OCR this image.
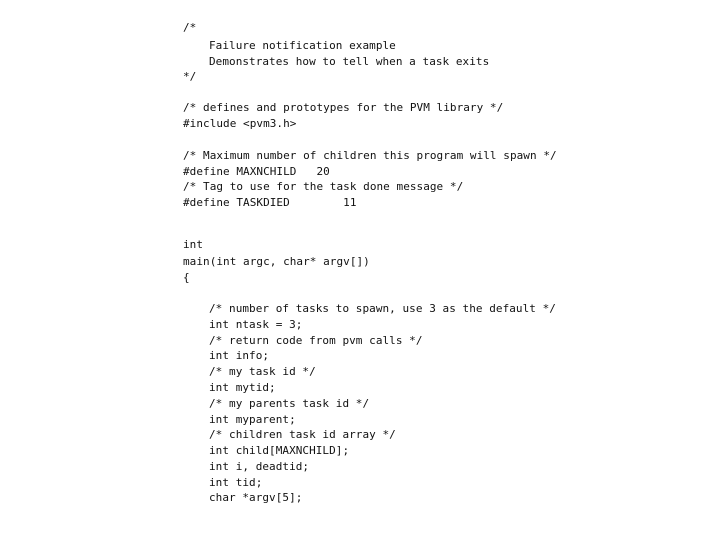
/*
Failure notification example
Demonstrates how to tell when a task exits
*/
/* defines and prototypes for the PVM library */
#include <pvm3.h>
/* Maximum number of children this program will spawn */
#define MAXNCHILD   20
/* Tag to use for the task done message */
#define TASKDIED        11
int
main(int argc, char* argv[])
{
/* number of tasks to spawn, use 3 as the default */
int ntask = 3;
/* return code from pvm calls */
int info;
/* my task id */
int mytid;
/* my parents task id */
int myparent;
/* children task id array */
int child[MAXNCHILD];
int i, deadtid;
int tid;
char *argv[5];
